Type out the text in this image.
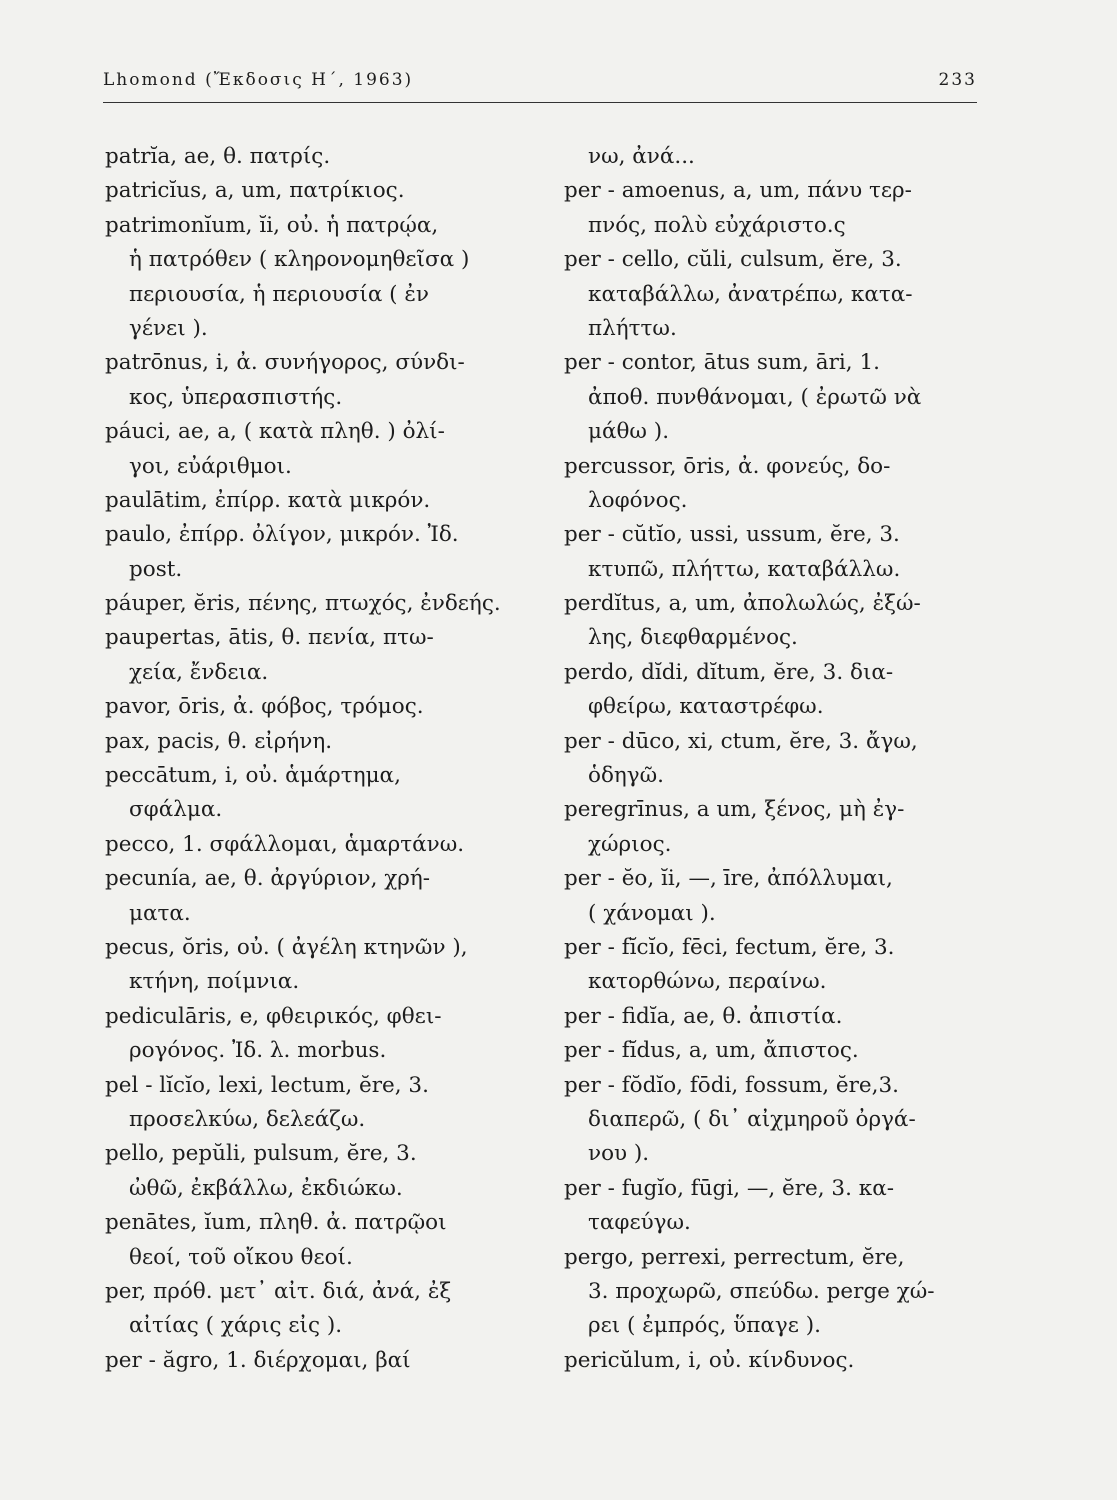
Lhomond (Ἔκδοσις Η΄, 1963)	233
patrĭa, ae, θ. πατρίς.
patricĭus, a, um, πατρίκιος.
patrimonĭum, ĭi, οὐ. ἡ πατρῴα,
ἡ πατρόθεν ( κληρονομηθεῖσα )
περιουσία, ἡ περιουσία ( ἐν
γένει ).
patrōnus, i, ἀ. συνήγορος, σύνδι-
κος, ὑπερασπιστής.
páuci, ae, a, ( κατὰ πληθ. ) ὀλί-
γοι, εὐάριθμοι.
paulātim, ἐπίρρ. κατὰ μικρόν.
paulo, ἐπίρρ. ὀλίγον, μικρόν. Ἰδ.
post.
páuper, ĕris, πένης, πτωχός, ἐνδεής.
paupertas, ātis, θ. πενία, πτω-
χεία, ἔνδεια.
pavor, ōris, ἀ. φόβος, τρόμος.
pax, pacis, θ. εἰρήνη.
peccātum, i, οὐ. ἁμάρτημα,
σφάλμα.
pecco, 1. σφάλλομαι, ἁμαρτάνω.
pecunía, ae, θ. ἀργύριον, χρή-
ματα.
pecus, ŏris, οὐ. ( ἀγέλη κτηνῶν ),
κτήνη, ποίμνια.
pediculāris, e, φθειρικός, φθει-
ρογόνος. Ἰδ. λ. morbus.
pel - lĭcĭo, lexi, lectum, ĕre, 3.
προσελκύω, δελεάζω.
pello, pepŭli, pulsum, ĕre, 3.
ὠθῶ, ἐκβάλλω, ἐκδιώκω.
penātes, ĭum, πληθ. ἀ. πατρῷοι
θεοί, τοῦ οἴκου θεοί.
per, πρόθ. μετ᾽ αἰτ. διά, ἀνά, ἐξ
αἰτίας ( χάρις εἰς ).
per - ăgro, 1. διέρχομαι, βαί
νω, ἀνά...
per - amoenus, a, um, πάνυ τερ-
πνός, πολὺ εὐχάριστο.ς
per - cello, cŭli, culsum, ĕre, 3.
καταβάλλω, ἀνατρέπω, κατα-
πλήττω.
per - contor, ātus sum, āri, 1.
ἀποθ. πυνθάνομαι, ( ἐρωτῶ νὰ
μάθω ).
percussor, ōris, ἀ. φονεύς, δο-
λοφόνος.
per - cŭtĭo, ussi, ussum, ĕre, 3.
κτυπῶ, πλήττω, καταβάλλω.
perdĭtus, a, um, ἀπολωλώς, ἐξώ-
λης, διεφθαρμένος.
perdo, dĭdi, dĭtum, ĕre, 3. δια-
φθείρω, καταστρέφω.
per - dūco, xi, ctum, ĕre, 3. ἄγω,
ὁδηγῶ.
peregrīnus, a um, ξένος, μὴ ἐγ-
χώριος.
per - ĕo, ĭi, —, īre, ἀπόλλυμαι,
( χάνομαι ).
per - fĭcĭo, fēci, fectum, ĕre, 3.
κατορθώνω, περαίνω.
per - fidĭa, ae, θ. ἀπιστία.
per - fĭdus, a, um, ἄπιστος.
per - fŏdĭo, fōdi, fossum, ĕre,3.
διαπερῶ, ( δι᾽ αἰχμηροῦ ὀργά-
νου ).
per - fugĭo, fūgi, —, ĕre, 3. κα-
ταφεύγω.
pergo, perrexi, perrectum, ĕre,
3. προχωρῶ, σπεύδω. perge χώ-
ρει ( ἐμπρός, ὕπαγε ).
pericŭlum, i, οὐ. κίνδυνος.
